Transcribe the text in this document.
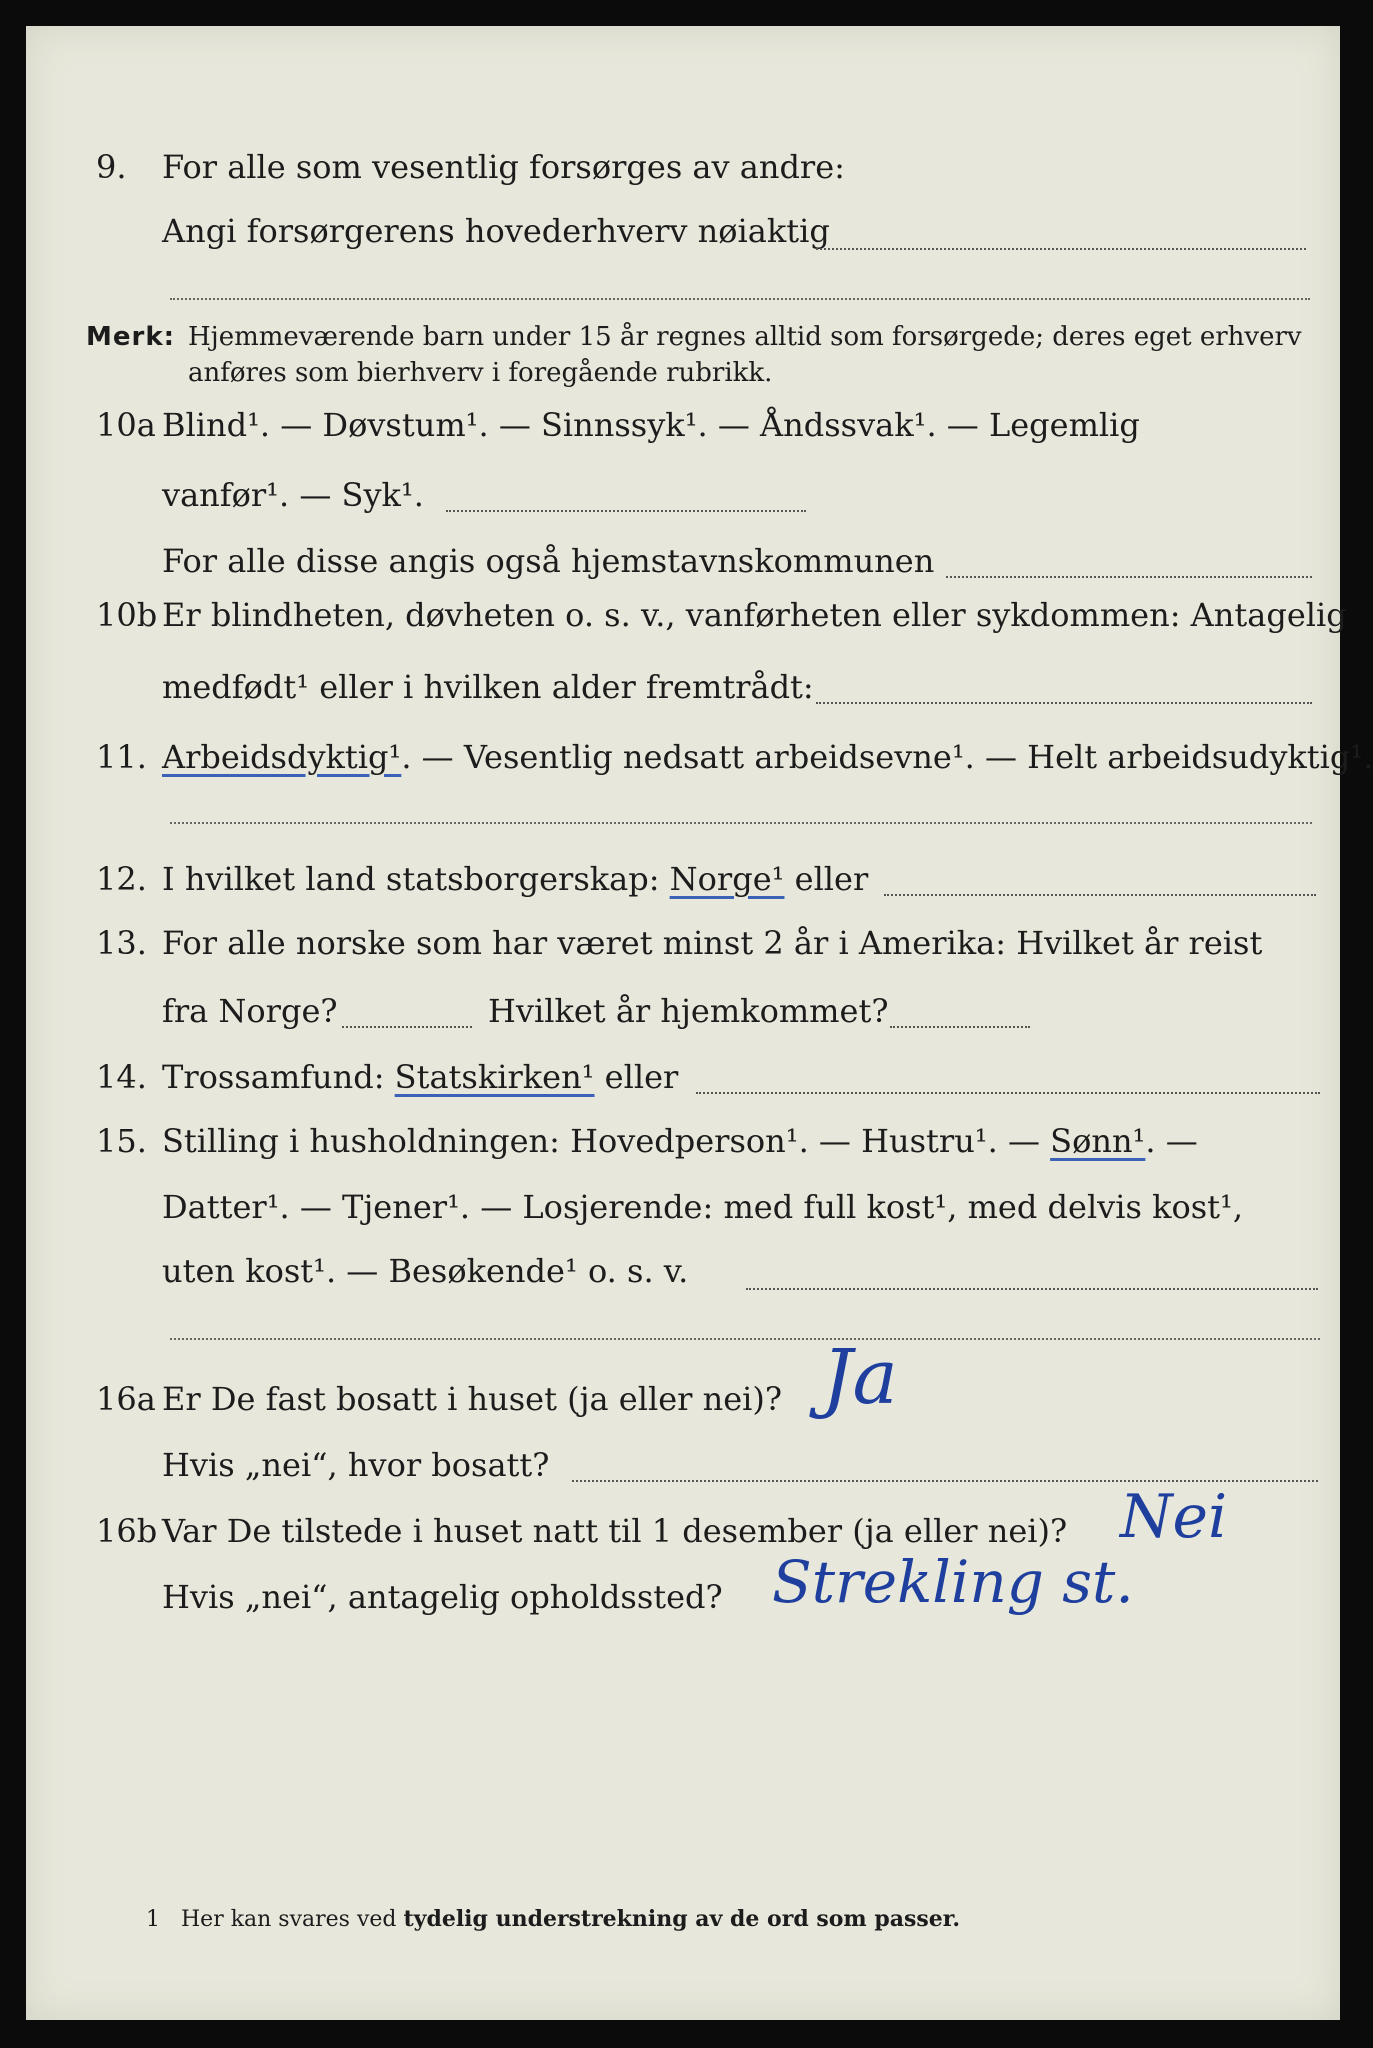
9. For alle som vesentlig forsørges av andre:
Angi forsørgerens hovederhverv nøiaktig
Merk: Hjemmeværende barn under 15 år regnes alltid som forsørgede; deres eget erhverv
anføres som bierhverv i foregående rubrikk.
10a Blind¹. — Døvstum¹. — Sinnssyk¹. — Åndssvak¹. — Legemlig
vanfør¹. — Syk¹.
For alle disse angis også hjemstavnskommunen
10b Er blindheten, døvheten o. s. v., vanførheten eller sykdommen: Antagelig
medfødt¹ eller i hvilken alder fremtrådt:
11. Arbeidsdyktig¹. — Vesentlig nedsatt arbeidsevne¹. — Helt arbeidsudyktig¹.
12. I hvilket land statsborgerskap: Norge¹ eller
13. For alle norske som har været minst 2 år i Amerika: Hvilket år reist
fra Norge?	Hvilket år hjemkommet?
14. Trossamfund: Statskirken¹ eller
15. Stilling i husholdningen: Hovedperson¹. — Hustru¹. — Sønn¹. —
Datter¹. — Tjener¹. — Losjerende: med full kost¹, med delvis kost¹,
uten kost¹. — Besøkende¹ o. s. v.
16a Er De fast bosatt i huset (ja eller nei)? Ja
Hvis „nei“, hvor bosatt?
16b Var De tilstede i huset natt til 1 desember (ja eller nei)? Nei
Hvis „nei“, antagelig opholdssted? Strekling st.
1 Her kan svares ved tydelig understrekning av de ord som passer.
